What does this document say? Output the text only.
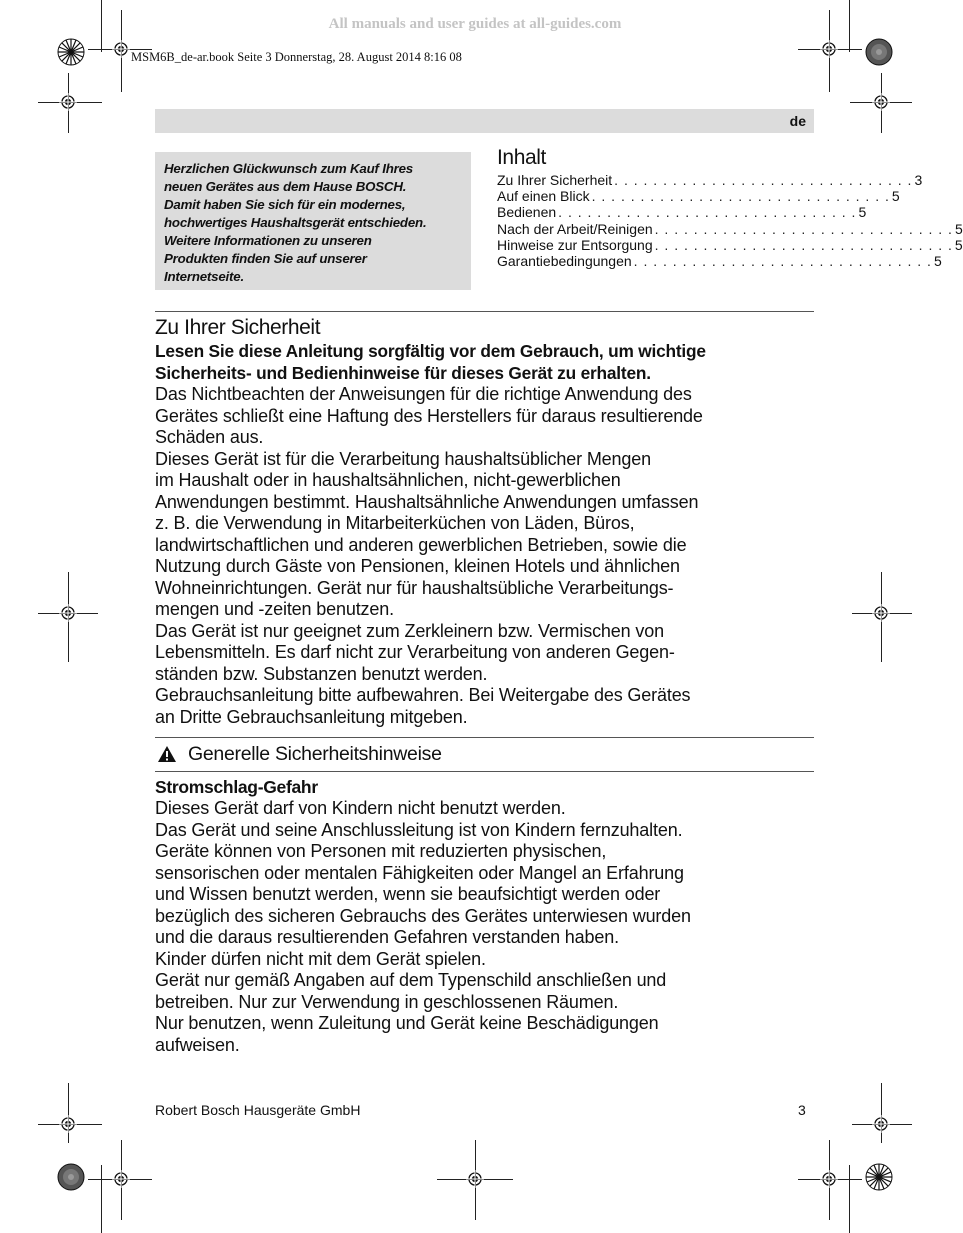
All manuals and user guides at all-guides.com
MSM6B_de-ar.book Seite 3 Donnerstag, 28. August 2014 8:16 08
de
Herzlichen Glückwunsch zum Kauf Ihres
neuen Gerätes aus dem Hause BOSCH.
Damit haben Sie sich für ein modernes,
hochwertiges Haushaltsgerät entschieden.
Weitere Informationen zu unseren
Produkten finden Sie auf unserer
Internetseite.
Inhalt
Zu Ihrer Sicherheit . . . . . . . . . . . . . . . . . . . . . . . . . . . . . . . 3
Auf einen Blick . . . . . . . . . . . . . . . . . . . . . . . . . . . . . . . 5
Bedienen . . . . . . . . . . . . . . . . . . . . . . . . . . . . . . . 5
Nach der Arbeit/Reinigen . . . . . . . . . . . . . . . . . . . . . . . . . . . . . . . 5
Hinweise zur Entsorgung . . . . . . . . . . . . . . . . . . . . . . . . . . . . . . . 5
Garantiebedingungen . . . . . . . . . . . . . . . . . . . . . . . . . . . . . . . 5
Zu Ihrer Sicherheit
Lesen Sie diese Anleitung sorgfältig vor dem Gebrauch, um wichtige
Sicherheits- und Bedienhinweise für dieses Gerät zu erhalten.
Das Nichtbeachten der Anweisungen für die richtige Anwendung des
Gerätes schließt eine Haftung des Herstellers für daraus resultierende
Schäden aus.
Dieses Gerät ist für die Verarbeitung haushaltsüblicher Mengen
im Haushalt oder in haushaltsähnlichen, nicht-gewerblichen
Anwendungen bestimmt. Haushaltsähnliche Anwendungen umfassen
z. B. die Verwendung in Mitarbeiterküchen von Läden, Büros,
landwirtschaftlichen und anderen gewerblichen Betrieben, sowie die
Nutzung durch Gäste von Pensionen, kleinen Hotels und ähnlichen
Wohneinrichtungen. Gerät nur für haushaltsübliche Verarbeitungs-
mengen und -zeiten benutzen.
Das Gerät ist nur geeignet zum Zerkleinern bzw. Vermischen von
Lebensmitteln. Es darf nicht zur Verarbeitung von anderen Gegen-
ständen bzw. Substanzen benutzt werden.
Gebrauchsanleitung bitte aufbewahren. Bei Weitergabe des Gerätes
an Dritte Gebrauchsanleitung mitgeben.
Generelle Sicherheitshinweise
Stromschlag-Gefahr
Dieses Gerät darf von Kindern nicht benutzt werden.
Das Gerät und seine Anschlussleitung ist von Kindern fernzuhalten.
Geräte können von Personen mit reduzierten physischen,
sensorischen oder mentalen Fähigkeiten oder Mangel an Erfahrung
und Wissen benutzt werden, wenn sie beaufsichtigt werden oder
bezüglich des sicheren Gebrauchs des Gerätes unterwiesen wurden
und die daraus resultierenden Gefahren verstanden haben.
Kinder dürfen nicht mit dem Gerät spielen.
Gerät nur gemäß Angaben auf dem Typenschild anschließen und
betreiben. Nur zur Verwendung in geschlossenen Räumen.
Nur benutzen, wenn Zuleitung und Gerät keine Beschädigungen
aufweisen.
Robert Bosch Hausgeräte GmbH	3
